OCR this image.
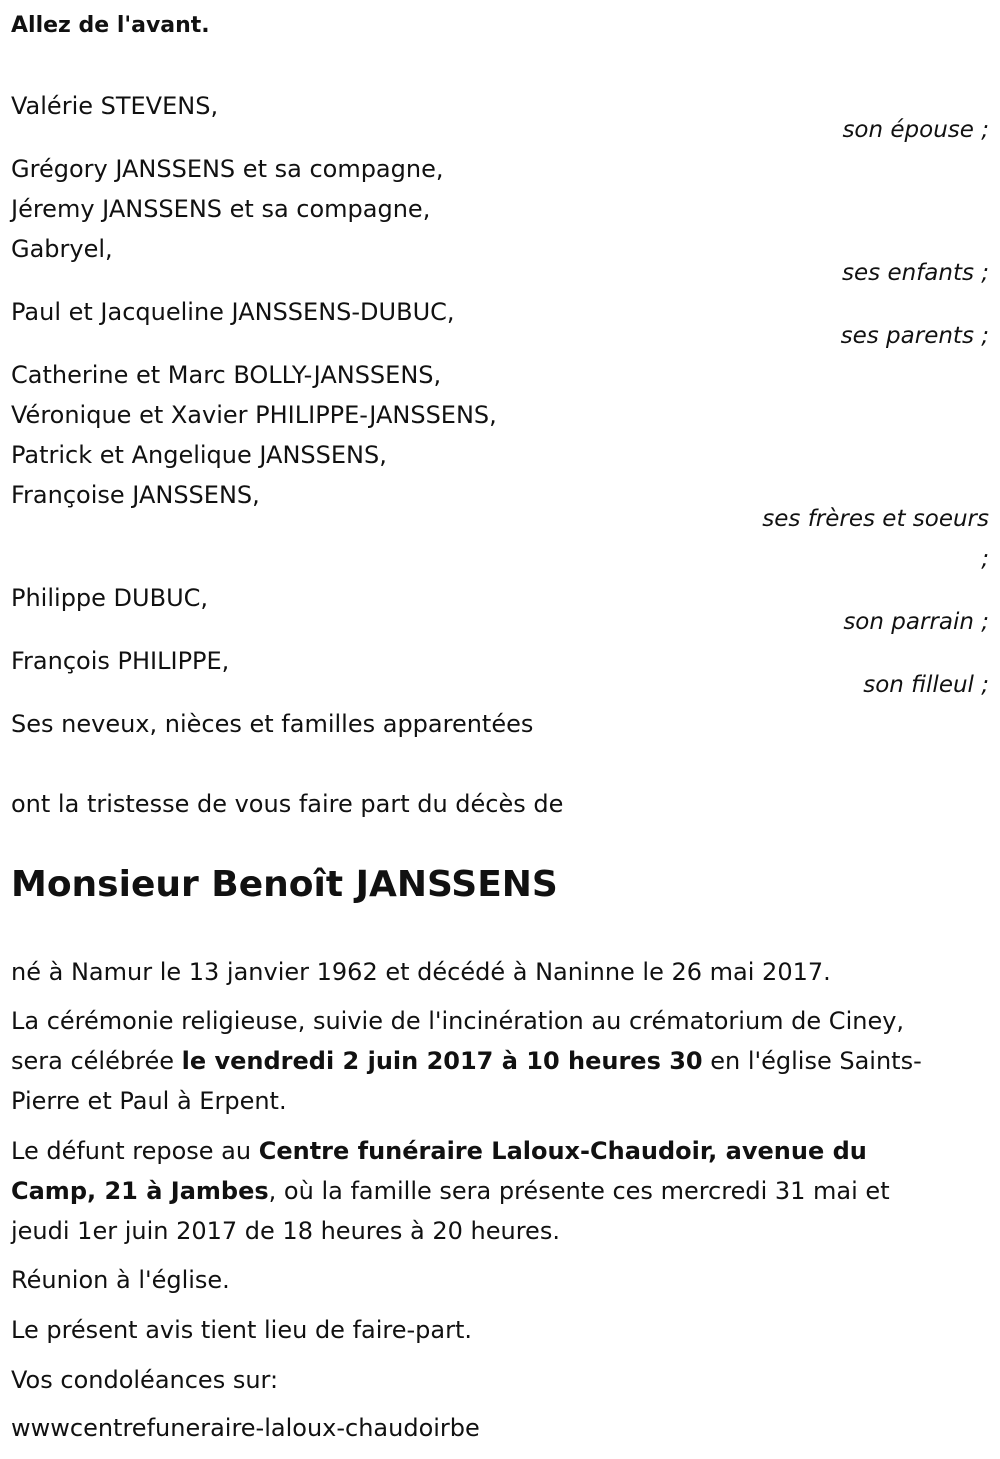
Allez de l'avant.

Valérie STEVENS,

son épouse ;

Grégory JANSSENS et sa compagne,

Jéremy JANSSENS et sa compagne,

Gabryel,

ses enfants ;

Paul et Jacqueline JANSSENS-DUBUC,

ses parents ;

Catherine et Marc BOLLY-JANSSENS,

Véronique et Xavier PHILIPPE-JANSSENS,

Patrick et Angelique JANSSENS,

Françoise JANSSENS,

ses frères et soeurs

;

Philippe DUBUC,

son parrain ;

François PHILIPPE,

son filleul ;

Ses neveux, nièces et familles apparentées

ont la tristesse de vous faire part du décès de

Monsieur Benoît JANSSENS

né à Namur le 13 janvier 1962 et décédé à Naninne le 26 mai 2017.

La cérémonie religieuse, suivie de l'incinération au crématorium de Ciney, sera célébrée le vendredi 2 juin 2017 à 10 heures 30 en l'église Saints-Pierre et Paul à Erpent.

Le défunt repose au Centre funéraire Laloux-Chaudoir, avenue du Camp, 21 à Jambes, où la famille sera présente ces mercredi 31 mai et jeudi 1er juin 2017 de 18 heures à 20 heures.

Réunion à l'église.

Le présent avis tient lieu de faire-part.

Vos condoléances sur:

wwwcentrefuneraire-laloux-chaudoirbe
